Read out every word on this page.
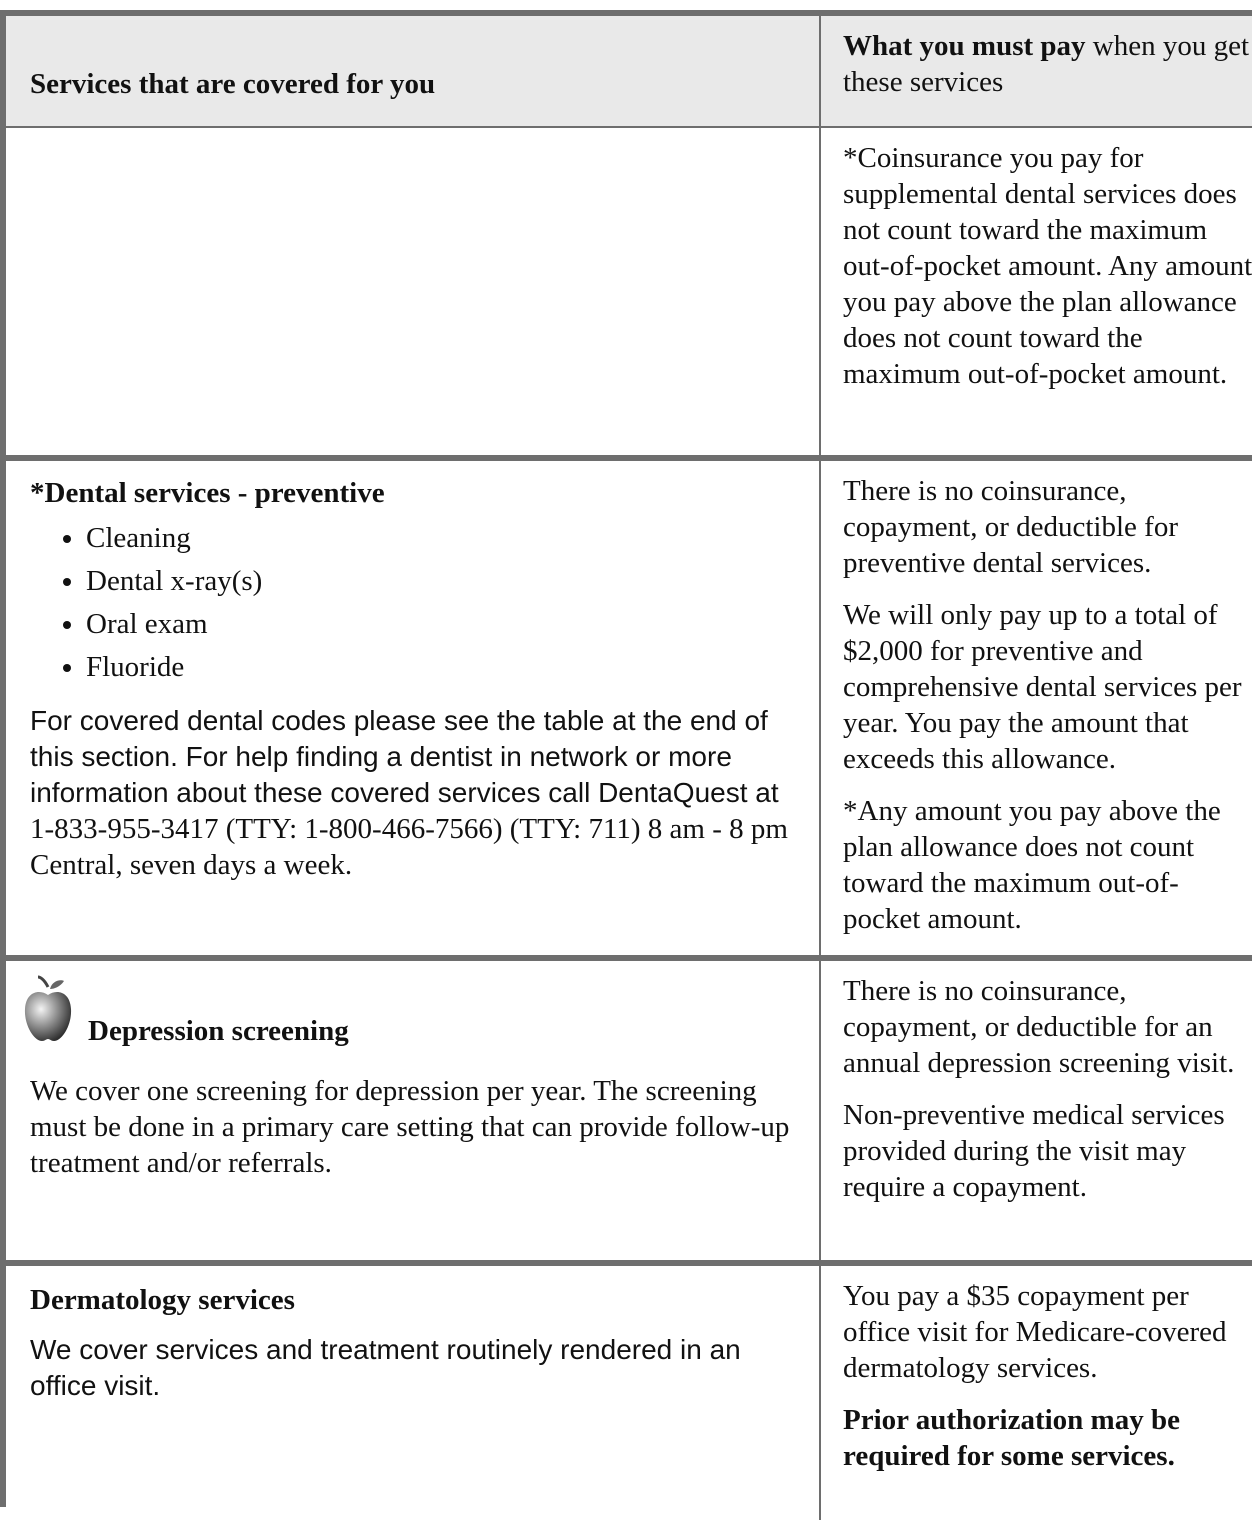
Services that are covered for you
What you must pay when you get these services

*Coinsurance you pay for supplemental dental services does not count toward the maximum out-of-pocket amount. Any amount you pay above the plan allowance does not count toward the maximum out-of-pocket amount.

*Dental services - preventive
• Cleaning
• Dental x-ray(s)
• Oral exam
• Fluoride

For covered dental codes please see the table at the end of this section. For help finding a dentist in network or more information about these covered services call DentaQuest at

1-833-955-3417 (TTY: 1-800-466-7566) (TTY: 711) 8 am - 8 pm Central, seven days a week.

There is no coinsurance, copayment, or deductible for preventive dental services.

We will only pay up to a total of $2,000 for preventive and comprehensive dental services per year. You pay the amount that exceeds this allowance.

*Any amount you pay above the plan allowance does not count toward the maximum out-of-pocket amount.

Depression screening
We cover one screening for depression per year. The screening must be done in a primary care setting that can provide follow-up treatment and/or referrals.

There is no coinsurance, copayment, or deductible for an annual depression screening visit.

Non-preventive medical services provided during the visit may require a copayment.

Dermatology services

We cover services and treatment routinely rendered in an office visit.

You pay a $35 copayment per office visit for Medicare-covered dermatology services.

Prior authorization may be required for some services.
